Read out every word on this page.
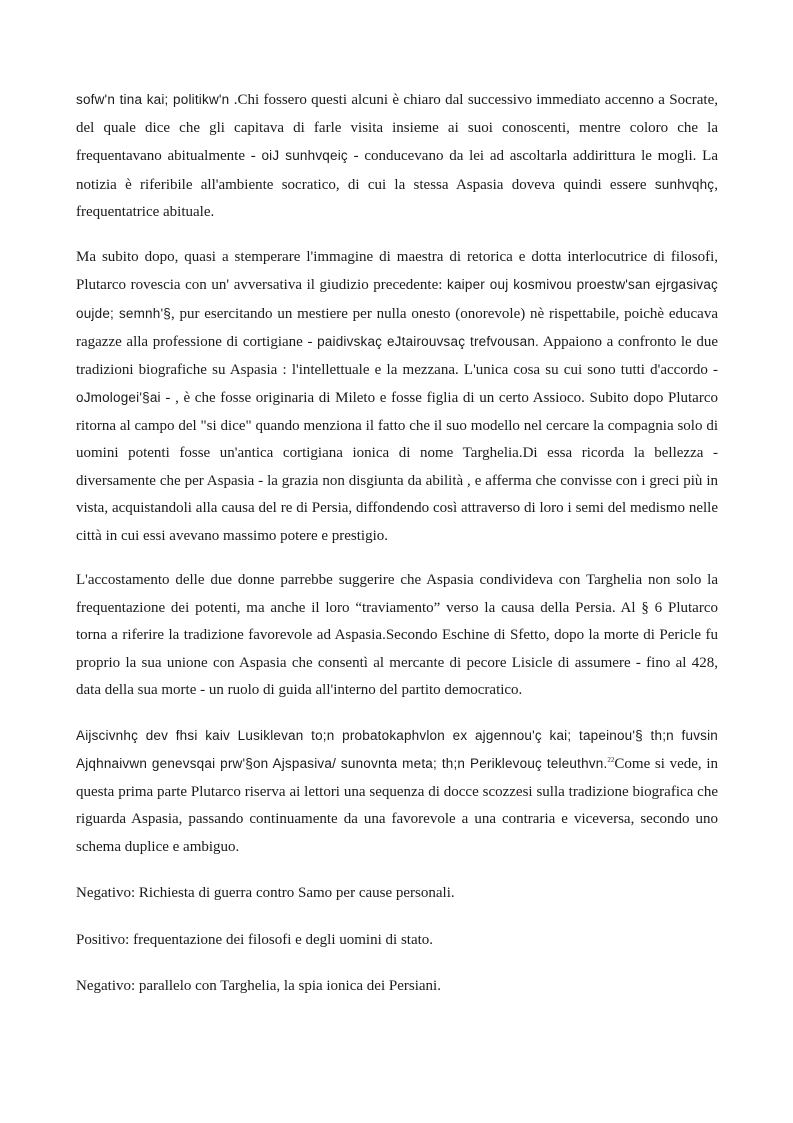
sofw'n tina kai; politikw'n .Chi fossero questi alcuni è chiaro dal successivo immediato accenno a Socrate, del quale dice che gli capitava di farle visita insieme ai suoi conoscenti, mentre coloro che la frequentavano abitualmente - oiJ sunhvqeiç - conducevano da lei ad ascoltarla addirittura le mogli. La notizia è riferibile all'ambiente socratico, di cui la stessa Aspasia doveva quindi essere sunhvqhç, frequentatrice abituale.

Ma subito dopo, quasi a stemperare l'immagine di maestra di retorica e dotta interlocutrice di filosofi, Plutarco rovescia con un' avversativa il giudizio precedente: kaiper ouj kosmivou proestw'san ejrgasivaç oujde; semnh'§, pur esercitando un mestiere per nulla onesto (onorevole) nè rispettabile, poichè educava ragazze alla professione di cortigiane - paidivskaç eJtairouvsaç trefvousan. Appaiono a confronto le due tradizioni biografiche su Aspasia : l'intellettuale e la mezzana. L'unica cosa su cui sono tutti d'accordo - oJmologei'§ai - , è che fosse originaria di Mileto e fosse figlia di un certo Assioco. Subito dopo Plutarco ritorna al campo del "si dice" quando menziona il fatto che il suo modello nel cercare la compagnia solo di uomini potenti fosse un'antica cortigiana ionica di nome Targhelia.Di essa ricorda la bellezza - diversamente che per Aspasia - la grazia non disgiunta da abilità , e afferma che convisse con i greci più in vista, acquistandoli alla causa del re di Persia, diffondendo così attraverso di loro i semi del medismo nelle città in cui essi avevano massimo potere e prestigio.

L'accostamento delle due donne parrebbe suggerire che Aspasia condivideva con Targhelia non solo la frequentazione dei potenti, ma anche il loro “traviamento” verso la causa della Persia. Al § 6 Plutarco torna a riferire la tradizione favorevole ad Aspasia.Secondo Eschine di Sfetto, dopo la morte di Pericle fu proprio la sua unione con Aspasia che consentì al mercante di pecore Lisicle di assumere - fino al 428, data della sua morte - un ruolo di guida all'interno del partito democratico.

Aijscivnhç dev fhsi kaiv Lusiklevan to;n probatokaphvlon ex ajgennou'ç kai; tapeinou'§ th;n fuvsin Ajqhnaivwn genevsqai prw'§on Ajspasiva/ sunovnta meta; th;n Periklevouç teleuthvn.$^{22}$Come si vede, in questa prima parte Plutarco riserva ai lettori una sequenza di docce scozzesi sulla tradizione biografica che riguarda Aspasia, passando continuamente da una favorevole a una contraria e viceversa, secondo uno schema duplice e ambiguo.

Negativo: Richiesta di guerra contro Samo per cause personali.

Positivo: frequentazione dei filosofi e degli uomini di stato.

Negativo: parallelo con Targhelia, la spia ionica dei Persiani.
